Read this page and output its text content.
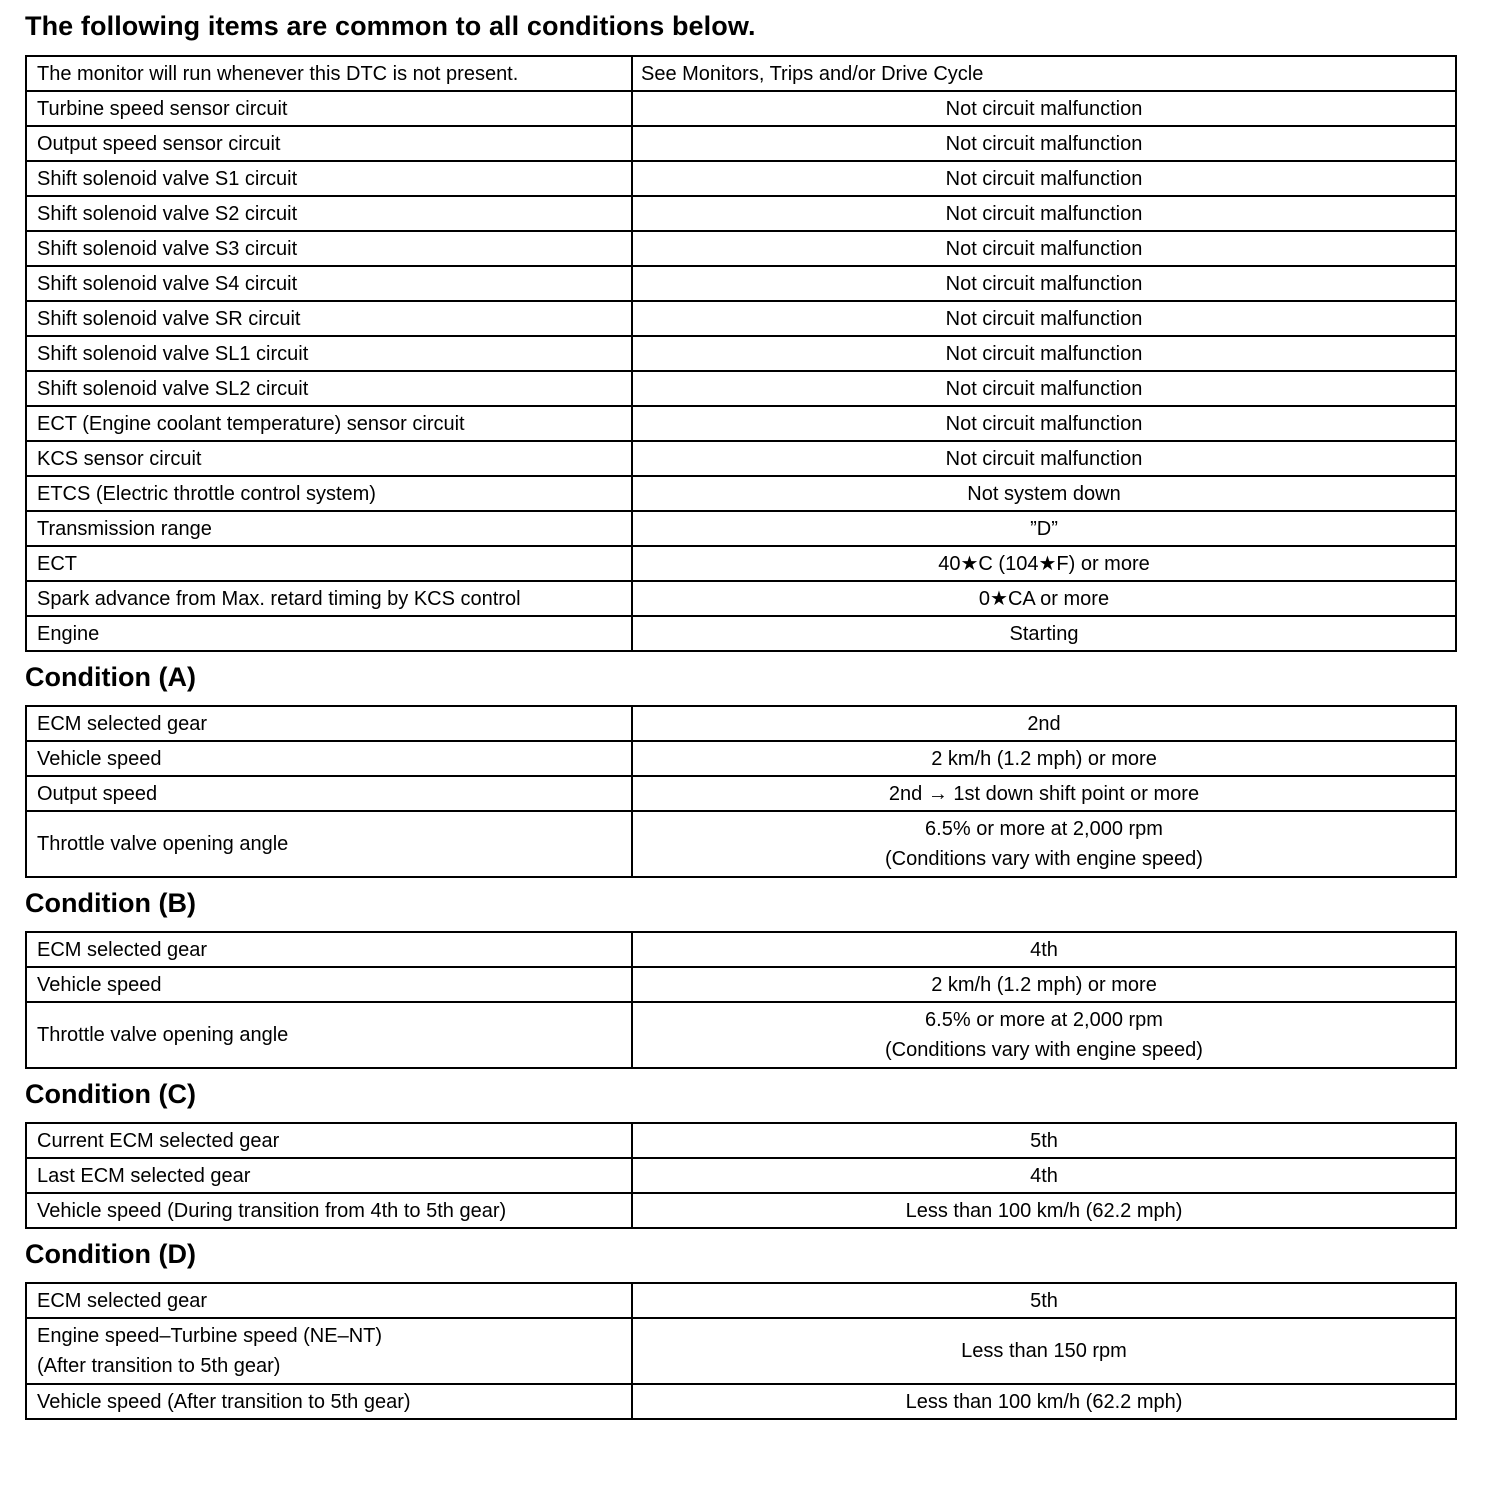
The following items are common to all conditions below.
The monitor will run whenever this DTC is not present.	See Monitors, Trips and/or Drive Cycle
Turbine speed sensor circuit	Not circuit malfunction
Output speed sensor circuit	Not circuit malfunction
Shift solenoid valve S1 circuit	Not circuit malfunction
Shift solenoid valve S2 circuit	Not circuit malfunction
Shift solenoid valve S3 circuit	Not circuit malfunction
Shift solenoid valve S4 circuit	Not circuit malfunction
Shift solenoid valve SR circuit	Not circuit malfunction
Shift solenoid valve SL1 circuit	Not circuit malfunction
Shift solenoid valve SL2 circuit	Not circuit malfunction
ECT (Engine coolant temperature) sensor circuit	Not circuit malfunction
KCS sensor circuit	Not circuit malfunction
ETCS (Electric throttle control system)	Not system down
Transmission range	”D”
ECT	40★C (104★F) or more
Spark advance from Max. retard timing by KCS control	0★CA or more
Engine	Starting
Condition (A)
ECM selected gear	2nd
Vehicle speed	2 km/h (1.2 mph) or more
Output speed	2nd → 1st down shift point or more
Throttle valve opening angle	6.5% or more at 2,000 rpm
(Conditions vary with engine speed)
Condition (B)
ECM selected gear	4th
Vehicle speed	2 km/h (1.2 mph) or more
Throttle valve opening angle	6.5% or more at 2,000 rpm
(Conditions vary with engine speed)
Condition (C)
Current ECM selected gear	5th
Last ECM selected gear	4th
Vehicle speed (During transition from 4th to 5th gear)	Less than 100 km/h (62.2 mph)
Condition (D)
ECM selected gear	5th
Engine speed–Turbine speed (NE–NT)
(After transition to 5th gear)	Less than 150 rpm
Vehicle speed (After transition to 5th gear)	Less than 100 km/h (62.2 mph)
